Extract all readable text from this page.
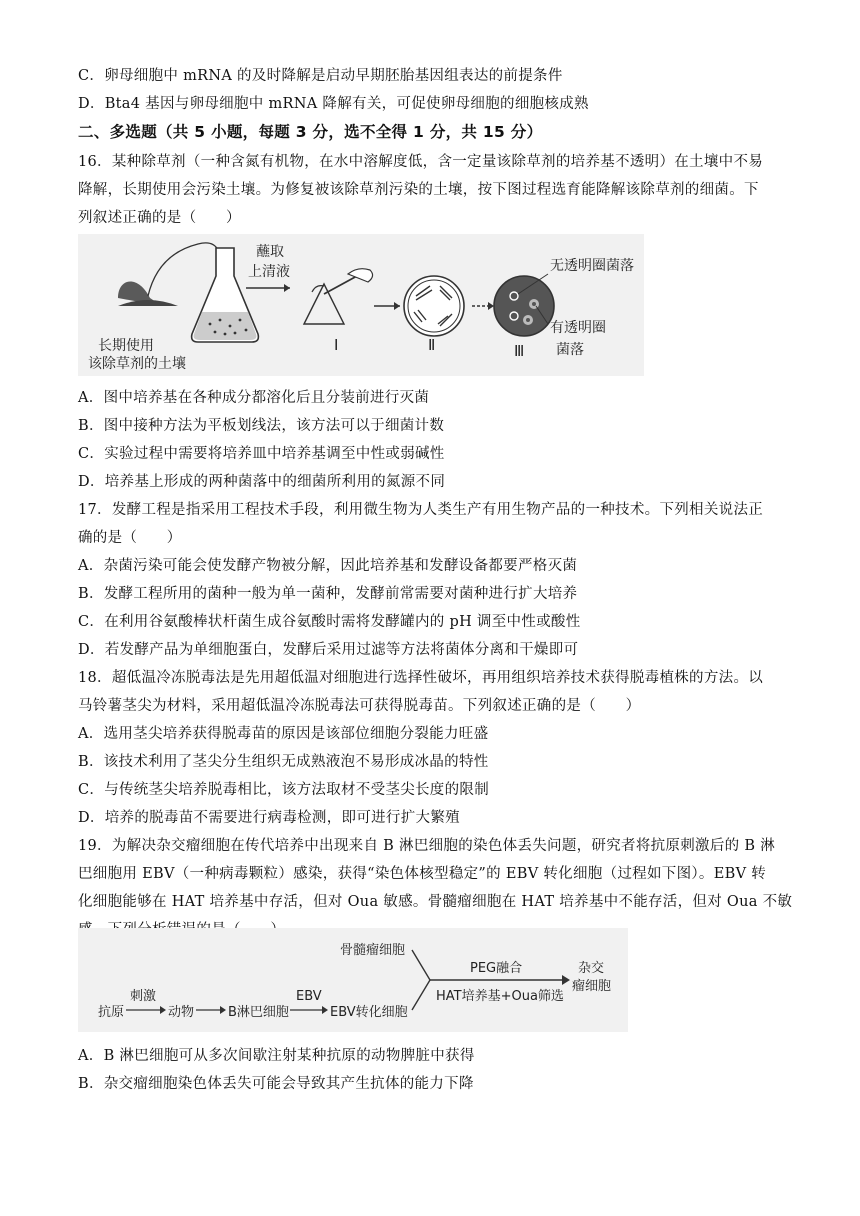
C．卵母细胞中 mRNA 的及时降解是启动早期胚胎基因组表达的前提条件
D．Bta4 基因与卵母细胞中 mRNA 降解有关，可促使卵母细胞的细胞核成熟
二、多选题（共 5 小题，每题 3 分，选不全得 1 分，共 15 分）
16．某种除草剂（一种含氮有机物，在水中溶解度低，含一定量该除草剂的培养基不透明）在土壤中不易
降解，长期使用会污染土壤。为修复被该除草剂污染的土壤，按下图过程选育能降解该除草剂的细菌。下
列叙述正确的是（　　）
长期使用
该除草剂的土壤
蘸取
上清液
Ⅰ	Ⅱ
无透明圈菌落
有透明圈
菌落
Ⅲ
A．图中培养基在各种成分都溶化后且分装前进行灭菌
B．图中接种方法为平板划线法，该方法可以于细菌计数
C．实验过程中需要将培养皿中培养基调至中性或弱碱性
D．培养基上形成的两种菌落中的细菌所利用的氮源不同
17．发酵工程是指采用工程技术手段，利用微生物为人类生产有用生物产品的一种技术。下列相关说法正
确的是（　　）
A．杂菌污染可能会使发酵产物被分解，因此培养基和发酵设备都要严格灭菌
B．发酵工程所用的菌种一般为单一菌种，发酵前常需要对菌种进行扩大培养
C．在利用谷氨酸棒状杆菌生成谷氨酸时需将发酵罐内的 pH 调至中性或酸性
D．若发酵产品为单细胞蛋白，发酵后采用过滤等方法将菌体分离和干燥即可
18．超低温冷冻脱毒法是先用超低温对细胞进行选择性破坏，再用组织培养技术获得脱毒植株的方法。以
马铃薯茎尖为材料，采用超低温冷冻脱毒法可获得脱毒苗。下列叙述正确的是（　　）
A．选用茎尖培养获得脱毒苗的原因是该部位细胞分裂能力旺盛
B．该技术利用了茎尖分生组织无成熟液泡不易形成冰晶的特性
C．与传统茎尖培养脱毒相比，该方法取材不受茎尖长度的限制
D．培养的脱毒苗不需要进行病毒检测，即可进行扩大繁殖
19．为解决杂交瘤细胞在传代培养中出现来自 B 淋巴细胞的染色体丢失问题，研究者将抗原刺激后的 B 淋
巴细胞用 EBV（一种病毒颗粒）感染，获得“染色体核型稳定”的 EBV 转化细胞（过程如下图）。EBV 转
化细胞能够在 HAT 培养基中存活，但对 Oua 敏感。骨髓瘤细胞在 HAT 培养基中不能存活，但对 Oua 不敏
抗原
刺激
动物	B淋巴细胞
EBV
EBV转化细胞
骨髓瘤细胞
PEG融合
HAT培养基+Oua筛选
杂交
瘤细胞
A．B 淋巴细胞可从多次间歇注射某种抗原的动物脾脏中获得
B．杂交瘤细胞染色体丢失可能会导致其产生抗体的能力下降
